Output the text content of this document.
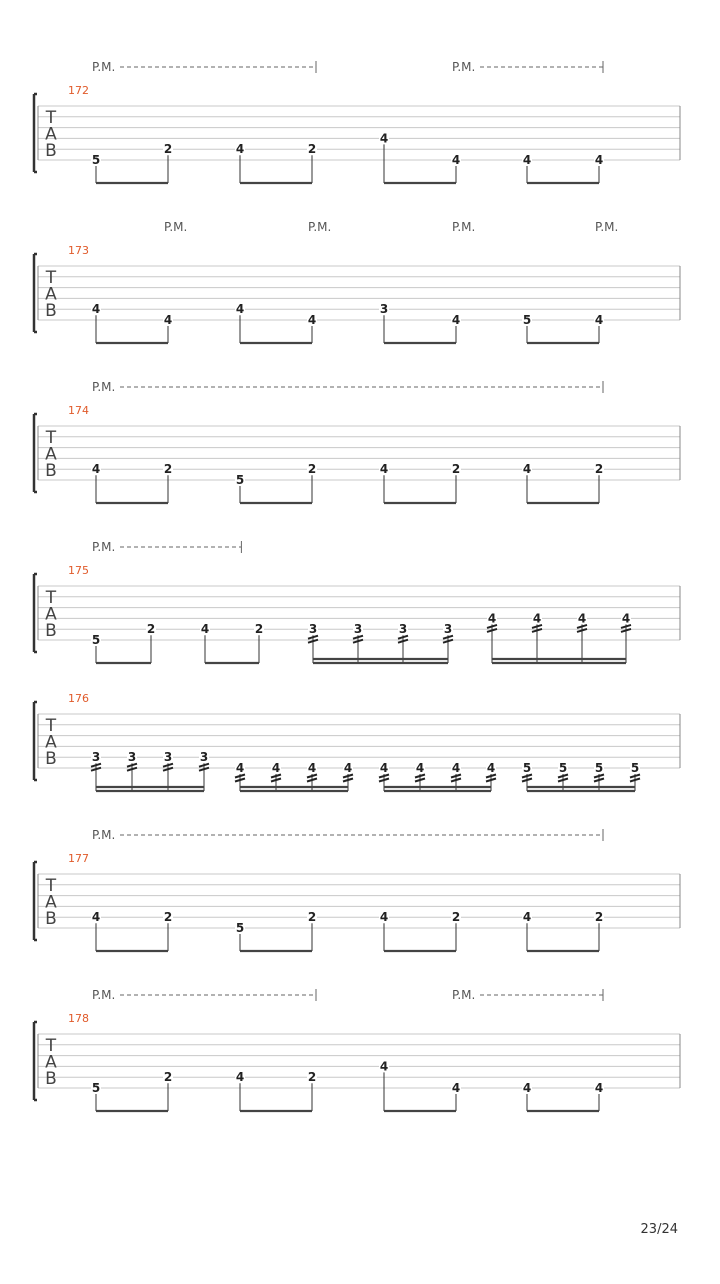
T
A
B
172
P.M.	P.M.
5
2	4	2
4
4	4	4
T
A
B
173
P.M.	P.M.	P.M.	P.M.
4
4
4
4
3
4	5	4
T
A
B
174
P.M.
4	2
5
2	4	2	4	2
T
A
B
175
P.M.
5
2	4	2	3	3	3	3
4	4	4	4
T
A
B
176
3 3 3 3
4 4 4 4 4 4 4 4 5 5 5 5
T
A
B
177
P.M.
4	2
5
2	4	2	4	2
T
A
B
178
P.M.	P.M.
5
2	4	2
4
4	4	4
23/24
